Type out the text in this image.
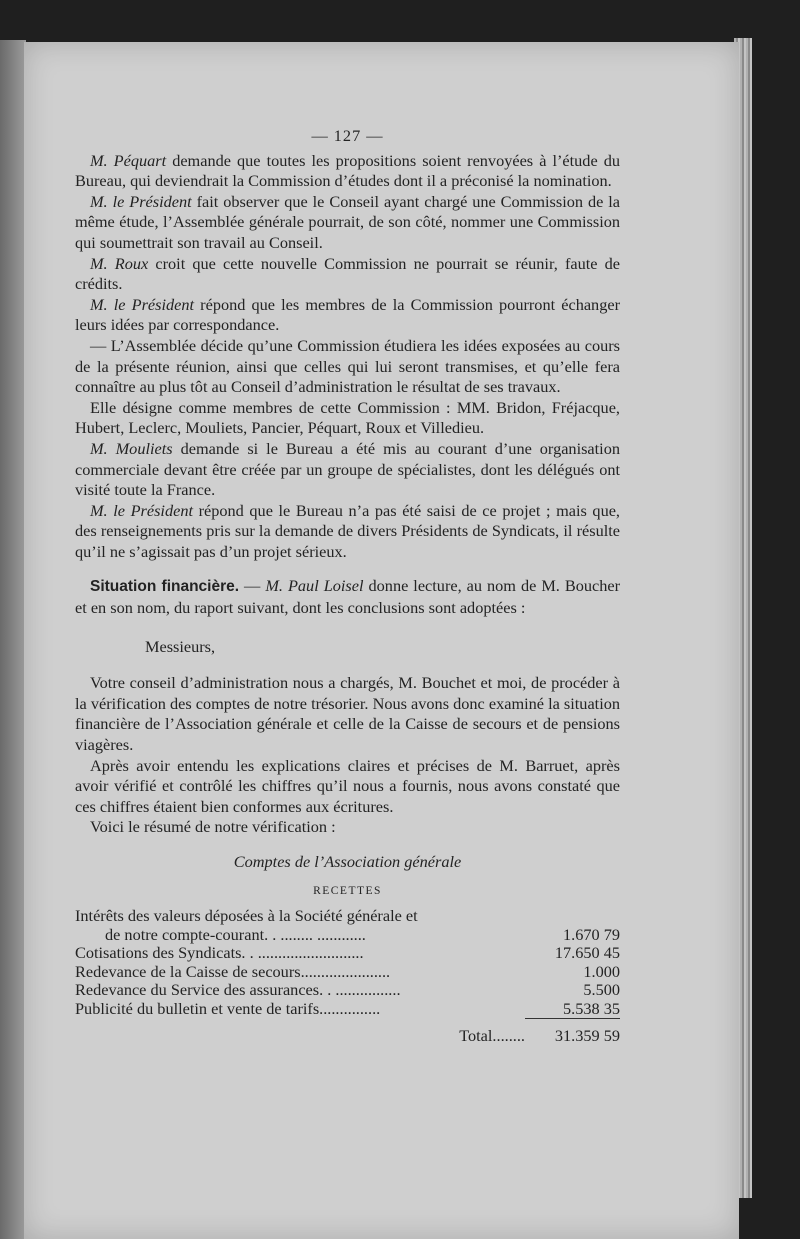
— 127 —

M. Péquart demande que toutes les propositions soient renvoyées à l’étude du Bureau, qui deviendrait la Commission d’études dont il a préconisé la nomination.

M. le Président fait observer que le Conseil ayant chargé une Commission de la même étude, l’Assemblée générale pourrait, de son côté, nommer une Commission qui soumettrait son travail au Conseil.

M. Roux croit que cette nouvelle Commission ne pourrait se réunir, faute de crédits.

M. le Président répond que les membres de la Commission pourront échanger leurs idées par correspondance.

— L’Assemblée décide qu’une Commission étudiera les idées exposées au cours de la présente réunion, ainsi que celles qui lui seront transmises, et qu’elle fera connaître au plus tôt au Conseil d’administration le résultat de ses travaux.

Elle désigne comme membres de cette Commission : MM. Bridon, Fréjacque, Hubert, Leclerc, Mouliets, Pancier, Péquart, Roux et Villedieu.

M. Mouliets demande si le Bureau a été mis au courant d’une organisation commerciale devant être créée par un groupe de spécialistes, dont les délégués ont visité toute la France.

M. le Président répond que le Bureau n’a pas été saisi de ce projet ; mais que, des renseignements pris sur la demande de divers Présidents de Syndicats, il résulte qu’il ne s’agissait pas d’un projet sérieux.

Situation financière. — M. Paul Loisel donne lecture, au nom de M. Boucher et en son nom, du raport suivant, dont les conclusions sont adoptées :

Messieurs,

Votre conseil d’administration nous a chargés, M. Bouchet et moi, de procéder à la vérification des comptes de notre trésorier. Nous avons donc examiné la situation financière de l’Association générale et celle de la Caisse de secours et de pensions viagères.

Après avoir entendu les explications claires et précises de M. Barruet, après avoir vérifié et contrôlé les chiffres qu’il nous a fournis, nous avons constaté que ces chiffres étaient bien conformes aux écritures.

Voici le résumé de notre vérification :

Comptes de l’Association générale

RECETTES
Intérêts des valeurs déposées à la Société générale et	
de notre compte-courant. . ........ ............	1.670 79
Cotisations des Syndicats. . ..........................	17.650 45
Redevance de la Caisse de secours......................	1.000
Redevance du Service des assurances. . ................	5.500
Publicité du bulletin et vente de tarifs...............	5.538 35
Total........	31.359 59
